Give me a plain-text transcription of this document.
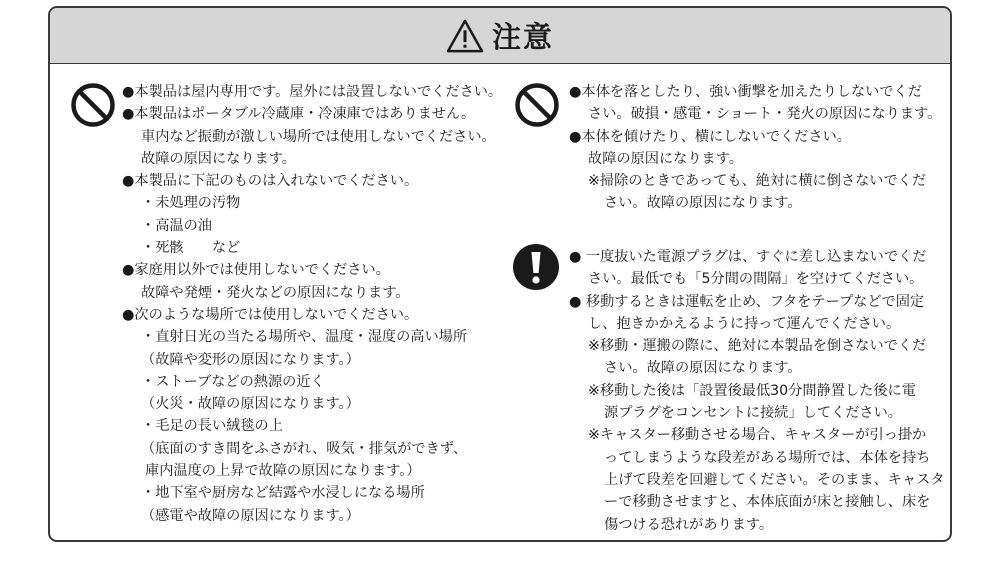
注意
●本製品は屋内専用です。屋外には設置しないでください。
●本製品はポータブル冷蔵庫・冷凍庫ではありません。
車内など振動が激しい場所では使用しないでください。
故障の原因になります。
●本製品に下記のものは入れないでください。
・未処理の汚物
・高温の油
・死骸　　など
●家庭用以外では使用しないでください。
故障や発煙・発火などの原因になります。
●次のような場所では使用しないでください。
・直射日光の当たる場所や、温度・湿度の高い場所
（故障や変形の原因になります。）
・ストーブなどの熱源の近く
（火災・故障の原因になります。）
・毛足の長い絨毯の上
（底面のすき間をふさがれ、吸気・排気ができず、
庫内温度の上昇で故障の原因になります。）
・地下室や厨房など結露や水浸しになる場所
（感電や故障の原因になります。）
●本体を落としたり、強い衝撃を加えたりしないでくだ
さい。破損・感電・ショート・発火の原因になります。
●本体を傾けたり、横にしないでください。
故障の原因になります。
※掃除のときであっても、絶対に横に倒さないでくだ
さい。故障の原因になります。
● 一度抜いた電源プラグは、すぐに差し込まないでくだ
さい。最低でも「5分間の間隔」を空けてください。
● 移動するときは運転を止め、フタをテープなどで固定
し、抱きかかえるように持って運んでください。
※移動・運搬の際に、絶対に本製品を倒さないでくだ
さい。故障の原因になります。
※移動した後は「設置後最低30分間静置した後に電
源プラグをコンセントに接続」してください。
※キャスター移動させる場合、キャスターが引っ掛か
ってしまうような段差がある場所では、本体を持ち
上げて段差を回避してください。そのまま、キャスタ
ーで移動させますと、本体底面が床と接触し、床を
傷つける恐れがあります。
